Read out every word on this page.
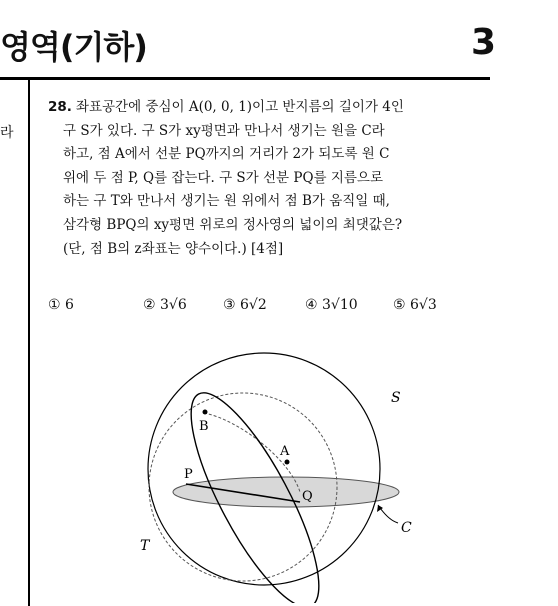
영역(기하)	3
라
28. 좌표공간에 중심이 A(0, 0, 1)이고 반지름의 길이가 4인
구 S가 있다. 구 S가 xy평면과 만나서 생기는 원을 C라
하고, 점 A에서 선분 PQ까지의 거리가 2가 되도록 원 C
위에 두 점 P, Q를 잡는다. 구 S가 선분 PQ를 지름으로
하는 구 T와 만나서 생기는 원 위에서 점 B가 움직일 때,
삼각형 BPQ의 xy평면 위로의 정사영의 넓이의 최댓값은?
(단, 점 B의 z좌표는 양수이다.) [4점]
① 6	② 3√6	③ 6√2	④ 3√10	⑤ 6√3
S
T
C
A
B
P
Q
